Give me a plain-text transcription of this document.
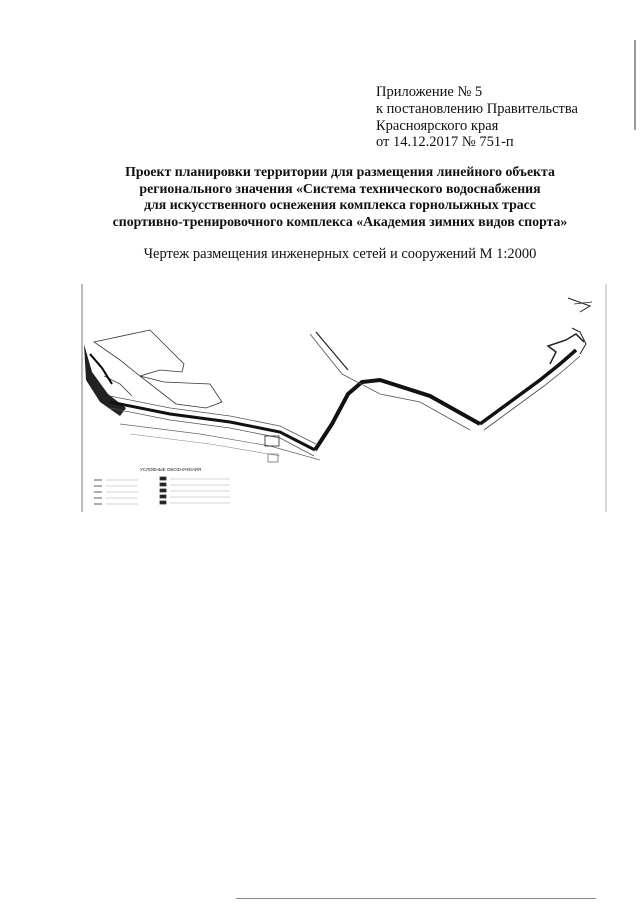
Приложение № 5
к постановлению Правительства
Красноярского края
от 14.12.2017 № 751-п
Проект планировки территории для размещения линейного объекта
регионального значения «Система технического водоснабжения
для искусственного оснежения комплекса горнолыжных трасс
спортивно-тренировочного комплекса «Академия зимних видов спорта»
Чертеж размещения инженерных сетей и сооружений М 1:2000
УСЛОВНЫЕ ОБОЗНАЧЕНИЯ
